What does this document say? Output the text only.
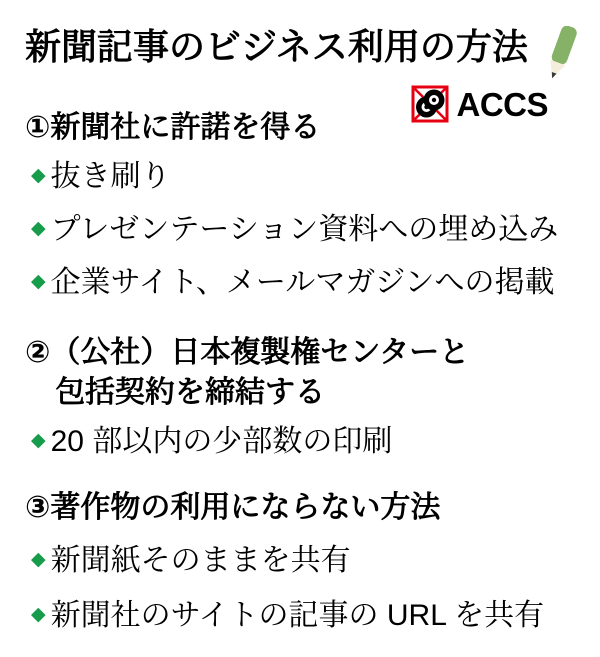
新聞記事のビジネス利用の方法
ACCS
①新聞社に許諾を得る
◆ 抜き刷り
◆ プレゼンテーション資料への埋め込み
◆ 企業サイト、メールマガジンへの掲載
②（公社）日本複製権センターと
包括契約を締結する
◆ 20 部以内の少部数の印刷
③著作物の利用にならない方法
◆ 新聞紙そのままを共有
◆ 新聞社のサイトの記事の URL を共有
